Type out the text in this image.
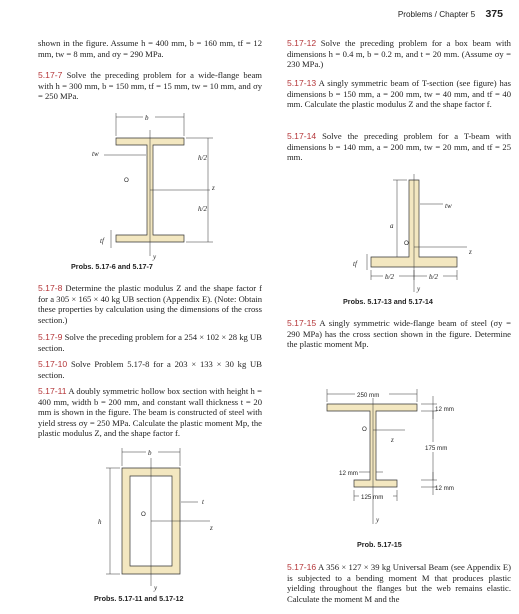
Problems / Chapter 5 375

shown in the figure. Assume h = 400 mm, b = 160 mm, tf = 12 mm, tw = 8 mm, and σy = 290 MPa.

5.17-7 Solve the preceding problem for a wide-flange beam with h = 300 mm, b = 150 mm, tf = 15 mm, tw = 10 mm, and σy = 250 MPa.

b
tw	h/2
h/2
O
z
tf
y
Probs. 5.17-6 and 5.17-7

5.17-8 Determine the plastic modulus Z and the shape factor f for a 305 × 165 × 40 kg UB section (Appendix E). (Note: Obtain these properties by calculation using the dimensions of the cross section.)

5.17-9 Solve the preceding problem for a 254 × 102 × 28 kg UB section.

5.17-10 Solve Problem 5.17-8 for a 203 × 133 × 30 kg UB section.

5.17-11 A doubly symmetric hollow box section with height h = 400 mm, width b = 200 mm, and constant wall thickness t = 20 mm is shown in the figure. The beam is constructed of steel with yield stress σy = 250 MPa. Calculate the plastic moment Mp, the plastic modulus Z, and the shape factor f.

b
h
t
O
z
y
Probs. 5.17-11 and 5.17-12

5.17-12 Solve the preceding problem for a box beam with dimensions h = 0.4 m, b = 0.2 m, and t = 20 mm. (Assume σy = 230 MPa.)

5.17-13 A singly symmetric beam of T-section (see figure) has dimensions b = 150 mm, a = 200 mm, tw = 40 mm, and tf = 40 mm. Calculate the plastic modulus Z and the shape factor f.

5.17-14 Solve the preceding problem for a T-beam with dimensions b = 140 mm, a = 200 mm, tw = 20 mm, and tf = 25 mm.

tw
a
O
z
tf
b/2	b/2
y
Probs. 5.17-13 and 5.17-14

5.17-15 A singly symmetric wide-flange beam of steel (σy = 290 MPa) has the cross section shown in the figure. Determine the plastic moment Mp.

250 mm
12 mm
175 mm
12 mm
12 mm
125 mm
O
z
y
Prob. 5.17-15

5.17-16 A 356 × 127 × 39 kg Universal Beam (see Appendix E) is subjected to a bending moment M that produces plastic yielding throughout the flanges but the web remains elastic. Calculate the moment M and the
